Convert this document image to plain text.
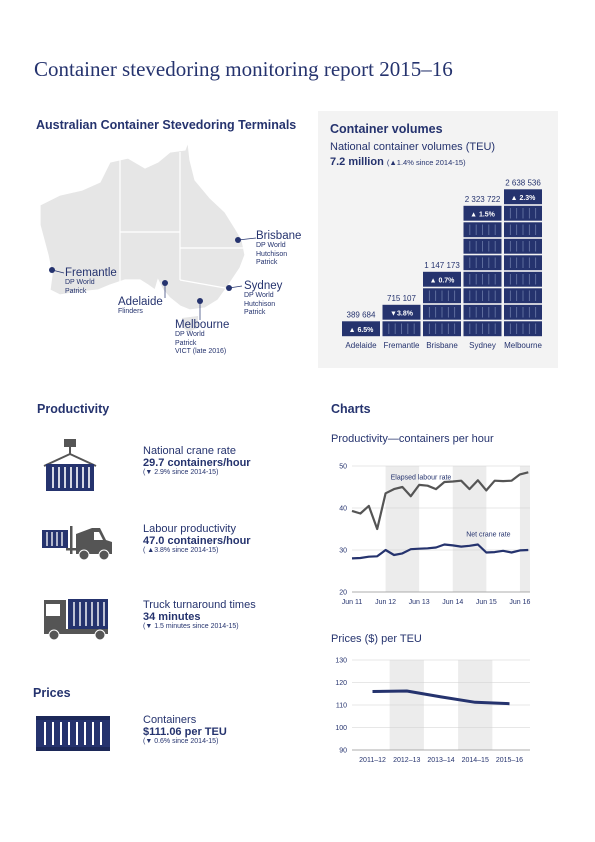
Container stevedoring monitoring report 2015–16
Australian Container Stevedoring Terminals
Brisbane
DP World
Hutchison
Patrick
Fremantle
DP World
Patrick	Sydney
DP World
Hutchison
Patrick
Adelaide
Flinders
Melbourne
DP World
Patrick
VICT (late 2016)
Container volumes
National container volumes (TEU)
7.2 million (▲1.4% since 2014-15)
▲ 6.5%
389 684
Adelaide
▼3.8%
715 107
Fremantle
▲ 0.7%
1 147 173
Brisbane
▲ 1.5%
2 323 722
Sydney
▲ 2.3%
2 638 536
Melbourne
Productivity
National crane rate
29.7 containers/hour
(▼ 2.9% since 2014-15)
Labour productivity
47.0 containers/hour
( ▲3.8% since 2014-15)
Truck turnaround times
34 minutes
(▼ 1.5 minutes since 2014-15)
Prices
Containers
$111.06 per TEU
(▼ 0.6% since 2014-15)
Charts
Productivity—containers per hour
20
30
40
50
Jun 11 Jun 12 Jun 13 Jun 14 Jun 15 Jun 16
Elapsed labour rate
Net crane rate
Prices ($) per TEU
90
100
110
120
130
2011–12 2012–13 2013–14 2014–15 2015–16
